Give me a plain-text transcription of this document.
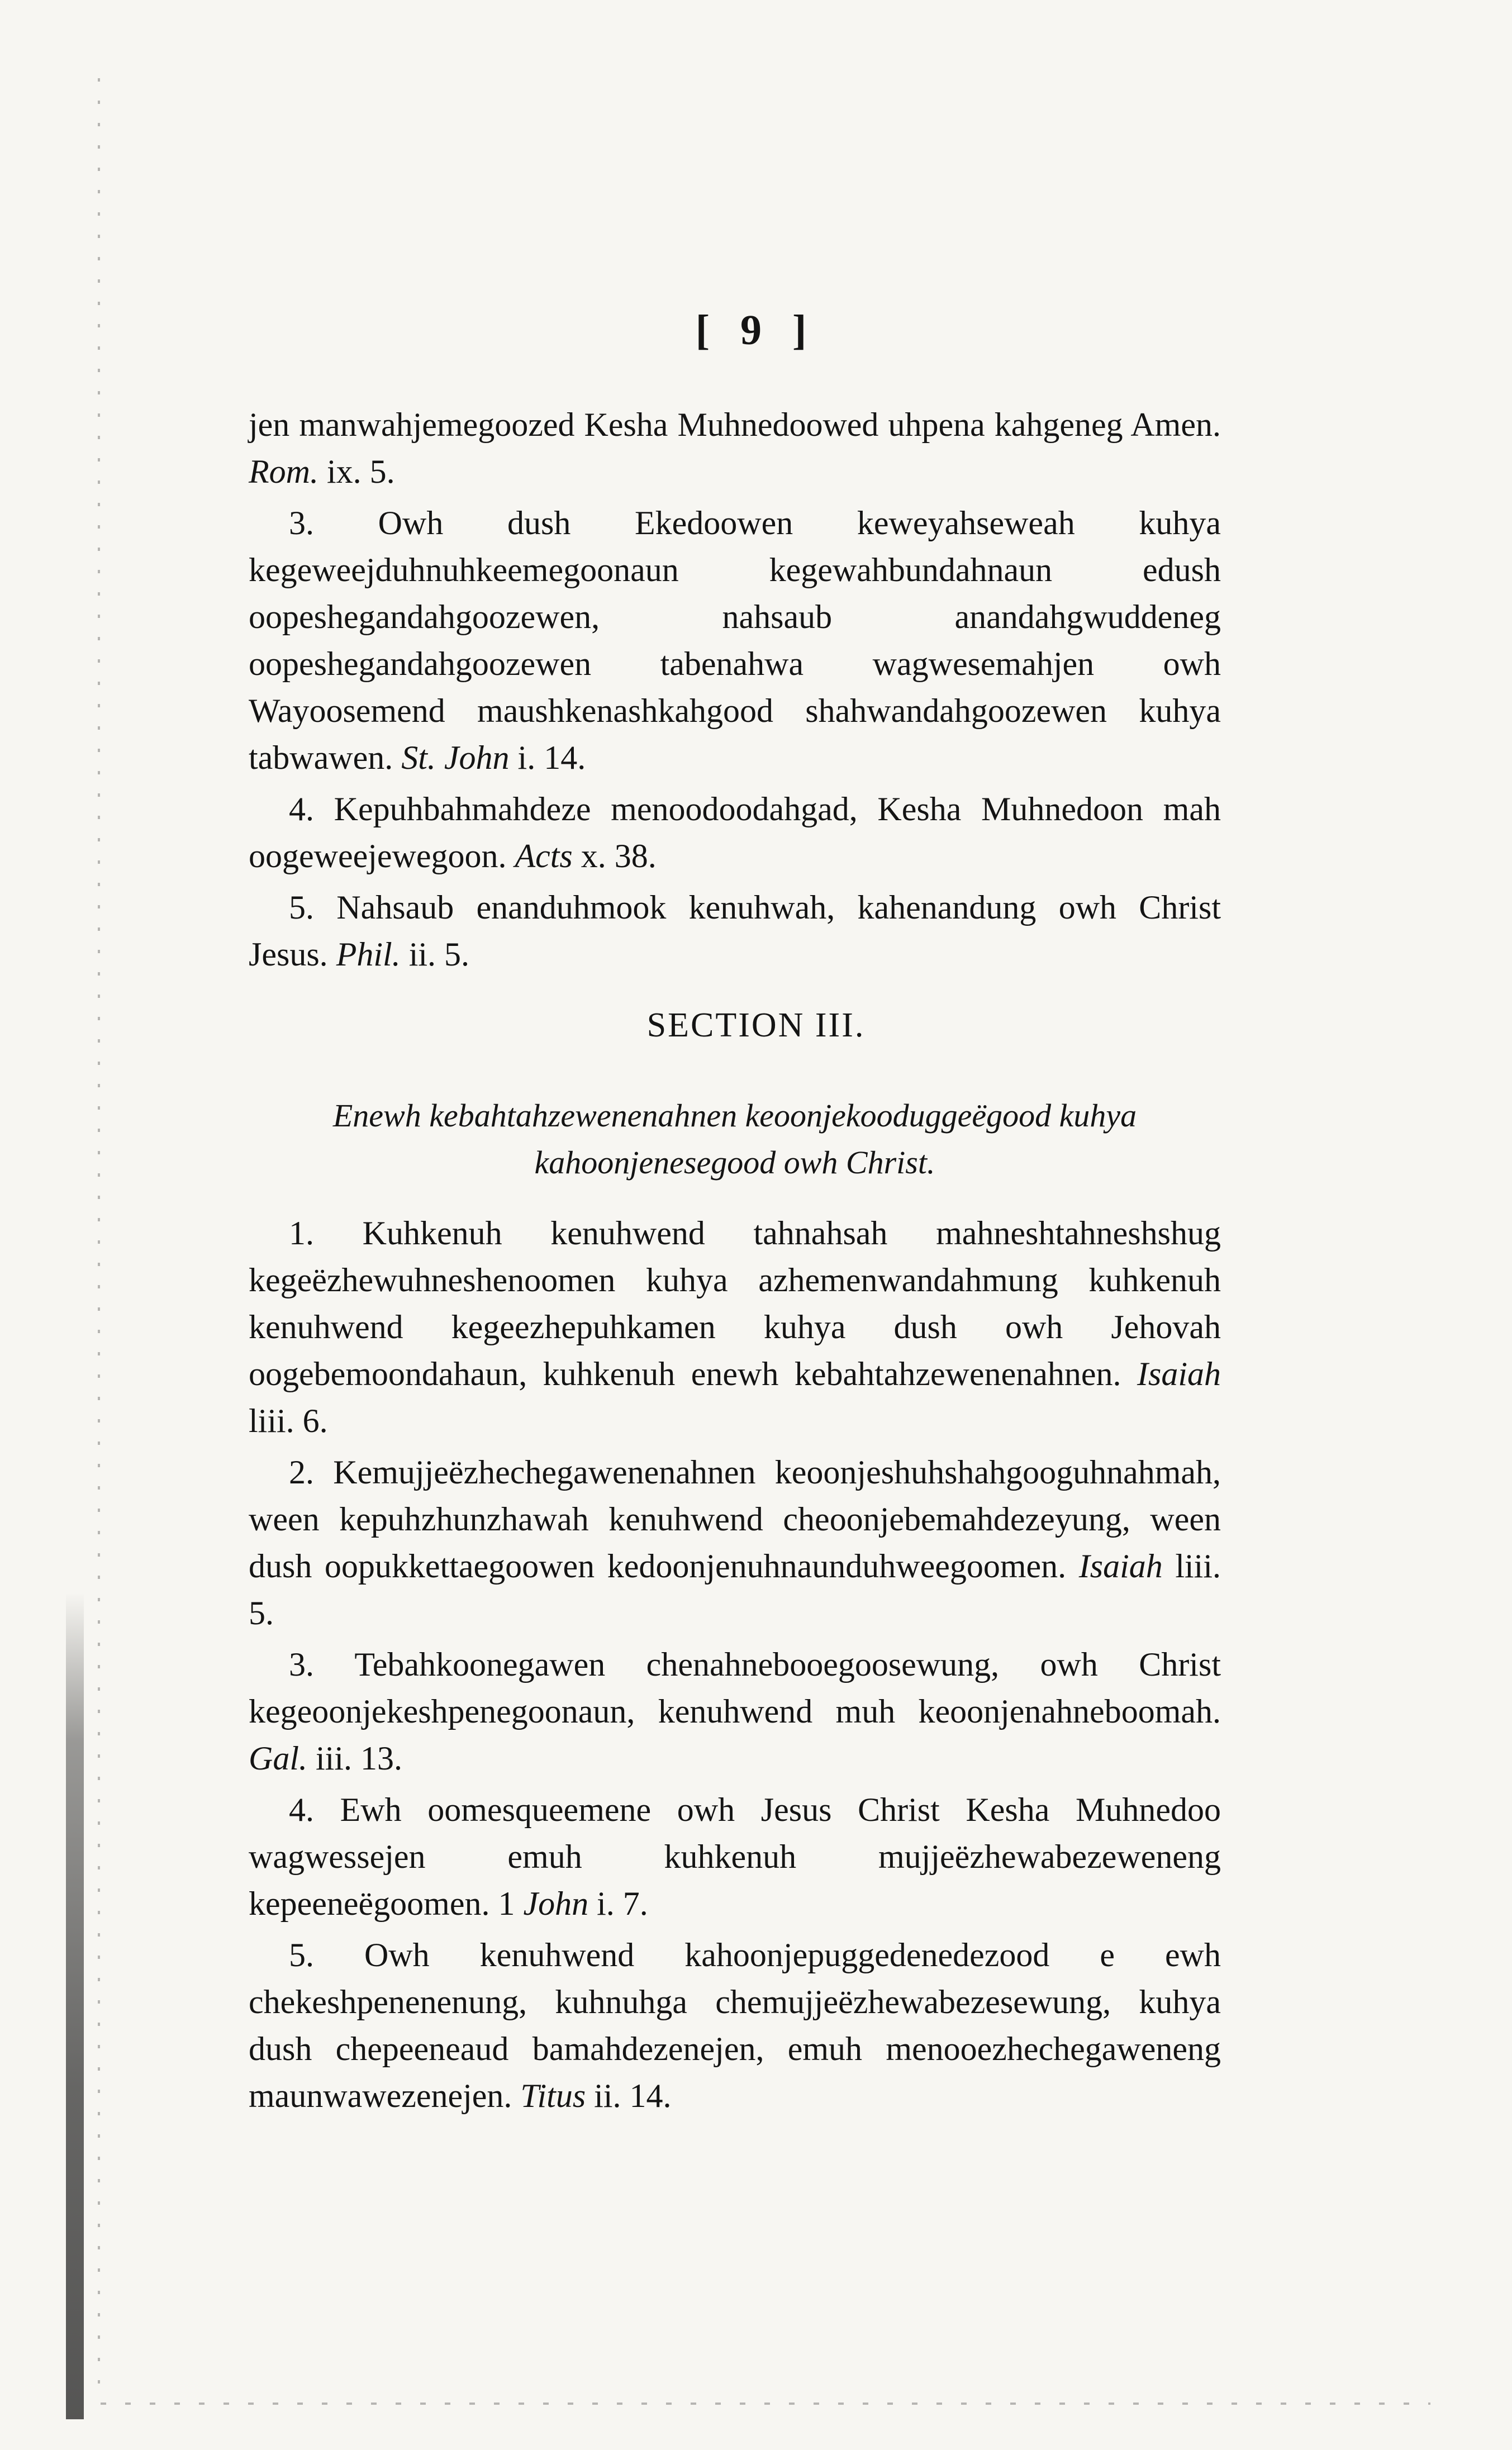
[ 9 ]

jen manwahjemegoozed Kesha Muhnedoowed uhpena kahgeneg Amen. Rom. ix. 5.

3. Owh dush Ekedoowen keweyahseweah kuhya kegeweejduhnuhkeemegoonaun kegewahbundahnaun edush oopeshegandahgoozewen, nahsaub anandahgwuddeneg oopeshegandahgoozewen tabenahwa wagwesemahjen owh Wayoosemend maushkenashkahgood shahwandahgoozewen kuhya tabwawen. St. John i. 14.

4. Kepuhbahmahdeze menoodoodahgad, Kesha Muhnedoon mah oogeweejewegoon. Acts x. 38.

5. Nahsaub enanduhmook kenuhwah, kahenandung owh Christ Jesus. Phil. ii. 5.

SECTION III.
Enewh kebahtahzewenenahnen keoonjekooduggeëgood kuhya kahoonjenesegood owh Christ.

1. Kuhkenuh kenuhwend tahnahsah mahneshtahneshshug kegeëzhewuhneshenoomen kuhya azhemenwandahmung kuhkenuh kenuhwend kegeezhepuhkamen kuhya dush owh Jehovah oogebemoondahaun, kuhkenuh enewh kebahtahzewenenahnen. Isaiah liii. 6.

2. Kemujjeëzhechegawenenahnen keoonjeshuhshahgooguhnahmah, ween kepuhzhunzhawah kenuhwend cheoonjebemahdezeyung, ween dush oopukkettaegoowen kedoonjenuhnaunduhweegoomen. Isaiah liii. 5.

3. Tebahkoonegawen chenahnebooegoosewung, owh Christ kegeoonjekeshpenegoonaun, kenuhwend muh keoonjenahneboomah. Gal. iii. 13.

4. Ewh oomesqueemene owh Jesus Christ Kesha Muhnedoo wagwessejen emuh kuhkenuh mujjeëzhewabezeweneng kepeeneëgoomen. 1 John i. 7.

5. Owh kenuhwend kahoonjepuggedenedezood e ewh chekeshpenenenung, kuhnuhga chemujjeëzhewabezesewung, kuhya dush chepeeneaud bamahdezenejen, emuh menooezhechegaweneng maunwawezenejen. Titus ii. 14.
